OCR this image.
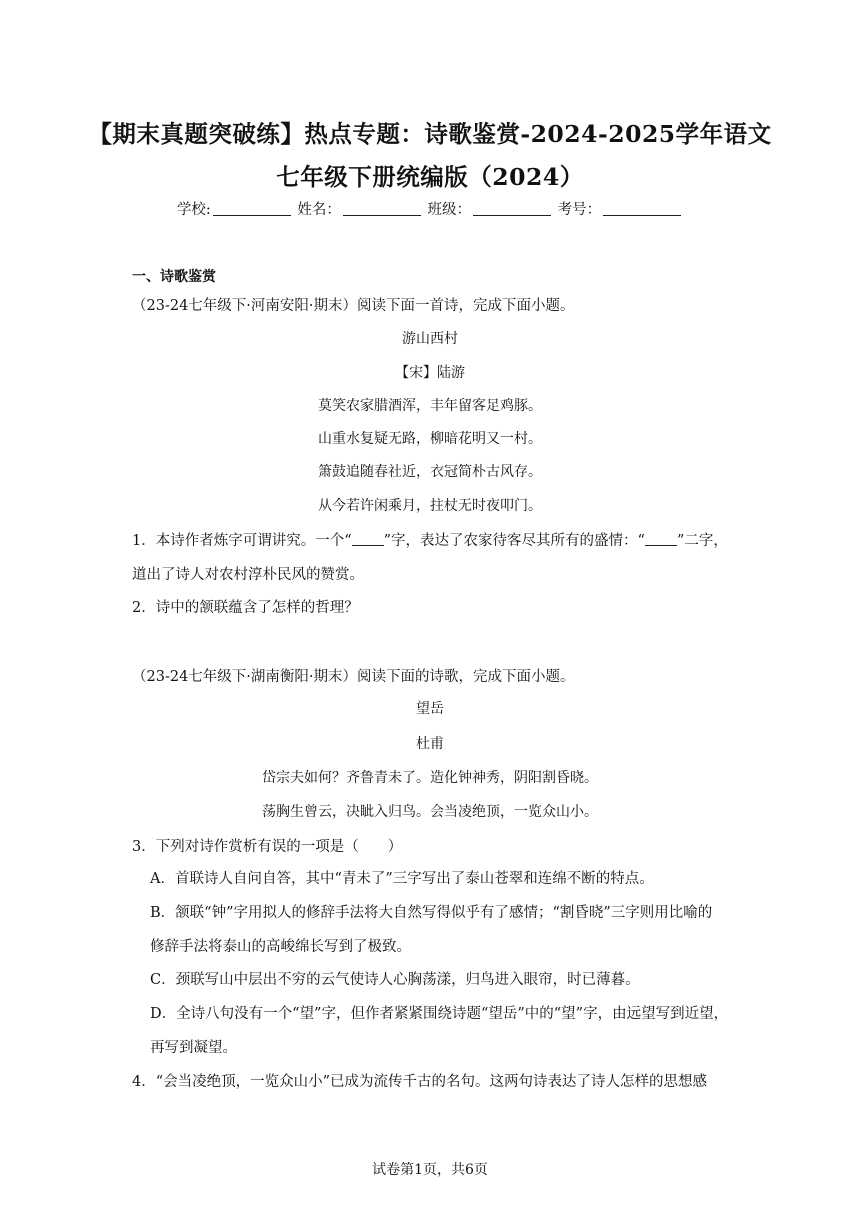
【期末真题突破练】热点专题：诗歌鉴赏-2024-2025学年语文
七年级下册统编版（2024）
学校:	姓名：	班级：	考号：
一、诗歌鉴赏
（23-24七年级下·河南安阳·期末）阅读下面一首诗，完成下面小题。
游山西村
【宋】陆游
莫笑农家腊酒浑，丰年留客足鸡豚。
山重水复疑无路，柳暗花明又一村。
箫鼓追随春社近，衣冠简朴古风存。
从今若许闲乘月，拄杖无时夜叩门。
1．本诗作者炼字可谓讲究。一个“ ”字，表达了农家待客尽其所有的盛情：“ ”二字，
道出了诗人对农村淳朴民风的赞赏。
2．诗中的颔联蕴含了怎样的哲理？
（23-24七年级下·湖南衡阳·期末）阅读下面的诗歌，完成下面小题。
望岳
杜甫
岱宗夫如何？齐鲁青未了。造化钟神秀，阴阳割昏晓。
荡胸生曾云，决眦入归鸟。会当凌绝顶，一览众山小。
3．下列对诗作赏析有误的一项是（　　）
A．首联诗人自问自答，其中“青未了”三字写出了泰山苍翠和连绵不断的特点。
B．颔联“钟”字用拟人的修辞手法将大自然写得似乎有了感情；“割昏晓”三字则用比喻的
修辞手法将泰山的高峻绵长写到了极致。
C．颈联写山中层出不穷的云气使诗人心胸荡漾，归鸟进入眼帘，时已薄暮。
D．全诗八句没有一个“望”字，但作者紧紧围绕诗题“望岳”中的“望”字，由远望写到近望，
再写到凝望。
4．“会当凌绝顶，一览众山小”已成为流传千古的名句。这两句诗表达了诗人怎样的思想感
试卷第1页，共6页
